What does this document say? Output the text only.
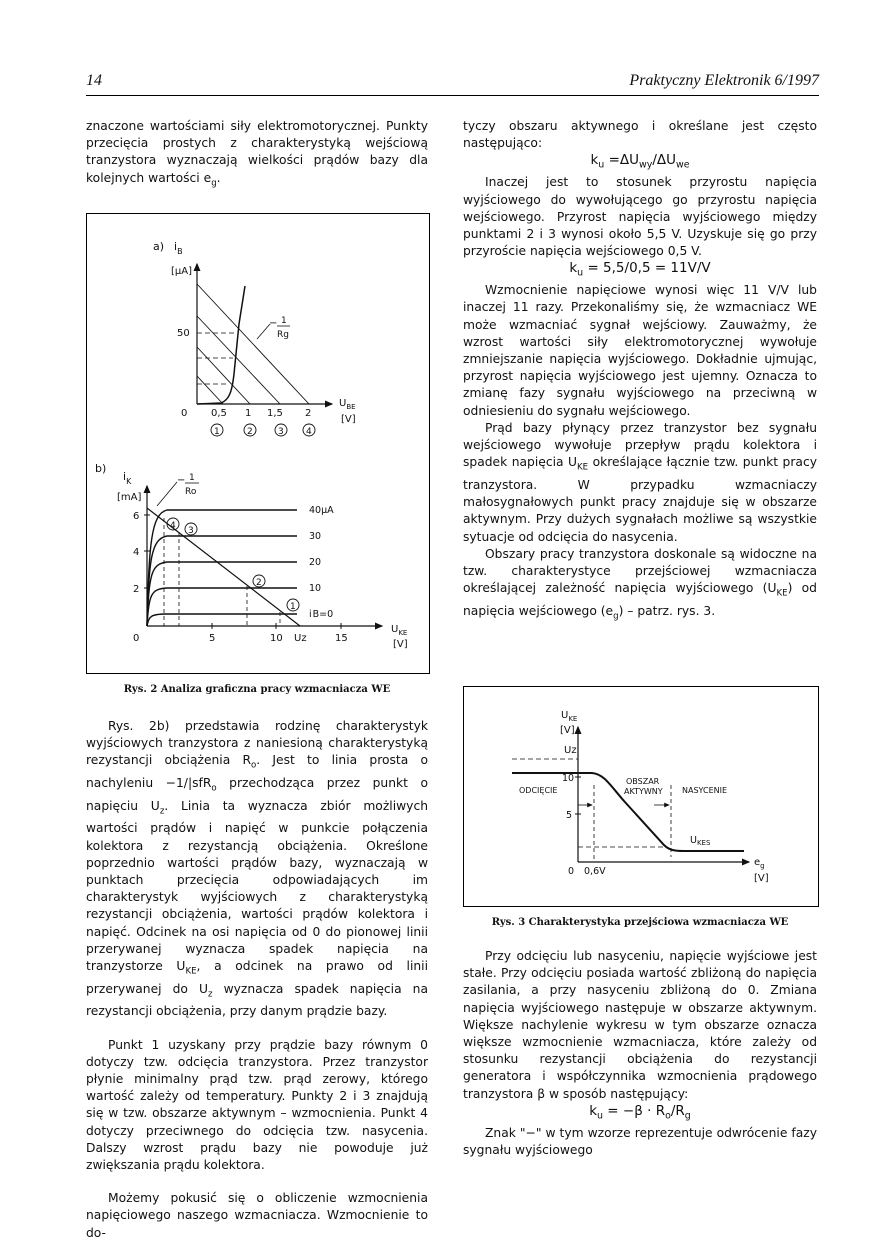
14	Praktyczny Elektronik 6/1997

znaczone wartościami siły elektromotorycznej. Punkty przecięcia prostych z charakterystyką wejściową tranzystora wyznaczają wielkości prądów bazy dla kolejnych wartości $e_g$.

a) $i_B$
[μA]
50
− 1
Rg
0 0,5 1 1,5 2
$U_{BE}$
[V]
1	2	3 4
b)
$i_K$
[mA]
6
4
2
40μA
30
20
10
i B=0
− 1
Ro
4 3
2
1
0	5	10 Uz	15
$U_{KE}$
[V]
Rys. 2 Analiza graficzna pracy wzmacniacza WE

Rys. 2b) przedstawia rodzinę charakterystyk wyjściowych tranzystora z naniesioną charakterystyką rezystancji obciążenia $R_o$. Jest to linia prosta o nachyleniu −1/|sfR$_o$ przechodząca przez punkt o napięciu $U_z$. Linia ta wyznacza zbiór możliwych wartości prądów i napięć w punkcie połączenia kolektora z rezystancją obciążenia. Określone poprzednio wartości prądów bazy, wyznaczają w punktach przecięcia odpowiadających im charakterystyk wyjściowych z charakterystyką rezystancji obciążenia, wartości prądów kolektora i napięć. Odcinek na osi napięcia od 0 do pionowej linii przerywanej wyznacza spadek napięcia na tranzystorze $U_{KE}$, a odcinek na prawo od linii przerywanej do $U_z$ wyznacza spadek napięcia na rezystancji obciążenia, przy danym prądzie bazy.

Punkt 1 uzyskany przy prądzie bazy równym 0 dotyczy tzw. odcięcia tranzystora. Przez tranzystor płynie minimalny prąd tzw. prąd zerowy, którego wartość zależy od temperatury. Punkty 2 i 3 znajdują się w tzw. obszarze aktywnym – wzmocnienia. Punkt 4 dotyczy przeciwnego do odcięcia tzw. nasycenia. Dalszy wzrost prądu bazy nie powoduje już zwiększania prądu kolektora.

Możemy pokusić się o obliczenie wzmocnienia napięciowego naszego wzmacniacza. Wzmocnienie to do-

tyczy obszaru aktywnego i określane jest często następująco:

$k_u =\Delta U_{wy}/\Delta U_{we}$

Inaczej jest to stosunek przyrostu napięcia wyjściowego do wywołującego go przyrostu napięcia wejściowego. Przyrost napięcia wyjściowego między punktami 2 i 3 wynosi około 5,5 V. Uzyskuje się go przy przyroście napięcia wejściowego 0,5 V.

$k_u = 5,5/0,5 = 11V/V$

Wzmocnienie napięciowe wynosi więc 11 V/V lub inaczej 11 razy. Przekonaliśmy się, że wzmacniacz WE może wzmacniać sygnał wejściowy. Zauważmy, że wzrost wartości siły elektromotorycznej wywołuje zmniejszanie napięcia wyjściowego. Dokładnie ujmując, przyrost napięcia wyjściowego jest ujemny. Oznacza to zmianę fazy sygnału wyjściowego na przeciwną w odniesieniu do sygnału wejściowego.

Prąd bazy płynący przez tranzystor bez sygnału wejściowego wywołuje przepływ prądu kolektora i spadek napięcia $U_{KE}$ określające łącznie tzw. punkt pracy tranzystora. W przypadku wzmacniaczy małosygnałowych punkt pracy znajduje się w obszarze aktywnym. Przy dużych sygnałach możliwe są wszystkie sytuacje od odcięcia do nasycenia.

Obszary pracy tranzystora doskonale są widoczne na tzw. charakterystyce przejściowej wzmacniacza określającej zależność napięcia wyjściowego $(U_{KE})$ od napięcia wejściowego $(e_g)$ – patrz. rys. 3.

$U_{KE}$
[V]
Uz
10
5
ODCIĘCIE
OBSZAR
AKTYWNY NASYCENIE
$U_{KES}$
0 0,6V
$e_g$
[V]
Rys. 3 Charakterystyka przejściowa wzmacniacza WE

Przy odcięciu lub nasyceniu, napięcie wyjściowe jest stałe. Przy odcięciu posiada wartość zbliżoną do napięcia zasilania, a przy nasyceniu zbliżoną do 0. Zmiana napięcia wyjściowego następuje w obszarze aktywnym. Większe nachylenie wykresu w tym obszarze oznacza większe wzmocnienie wzmacniacza, które zależy od stosunku rezystancji obciążenia do rezystancji generatora i współczynnika wzmocnienia prądowego tranzystora β w sposób następujący:

$k_u = -\beta \cdot R_o/R_g$

Znak "−" w tym wzorze reprezentuje odwrócenie fazy sygnału wyjściowego
